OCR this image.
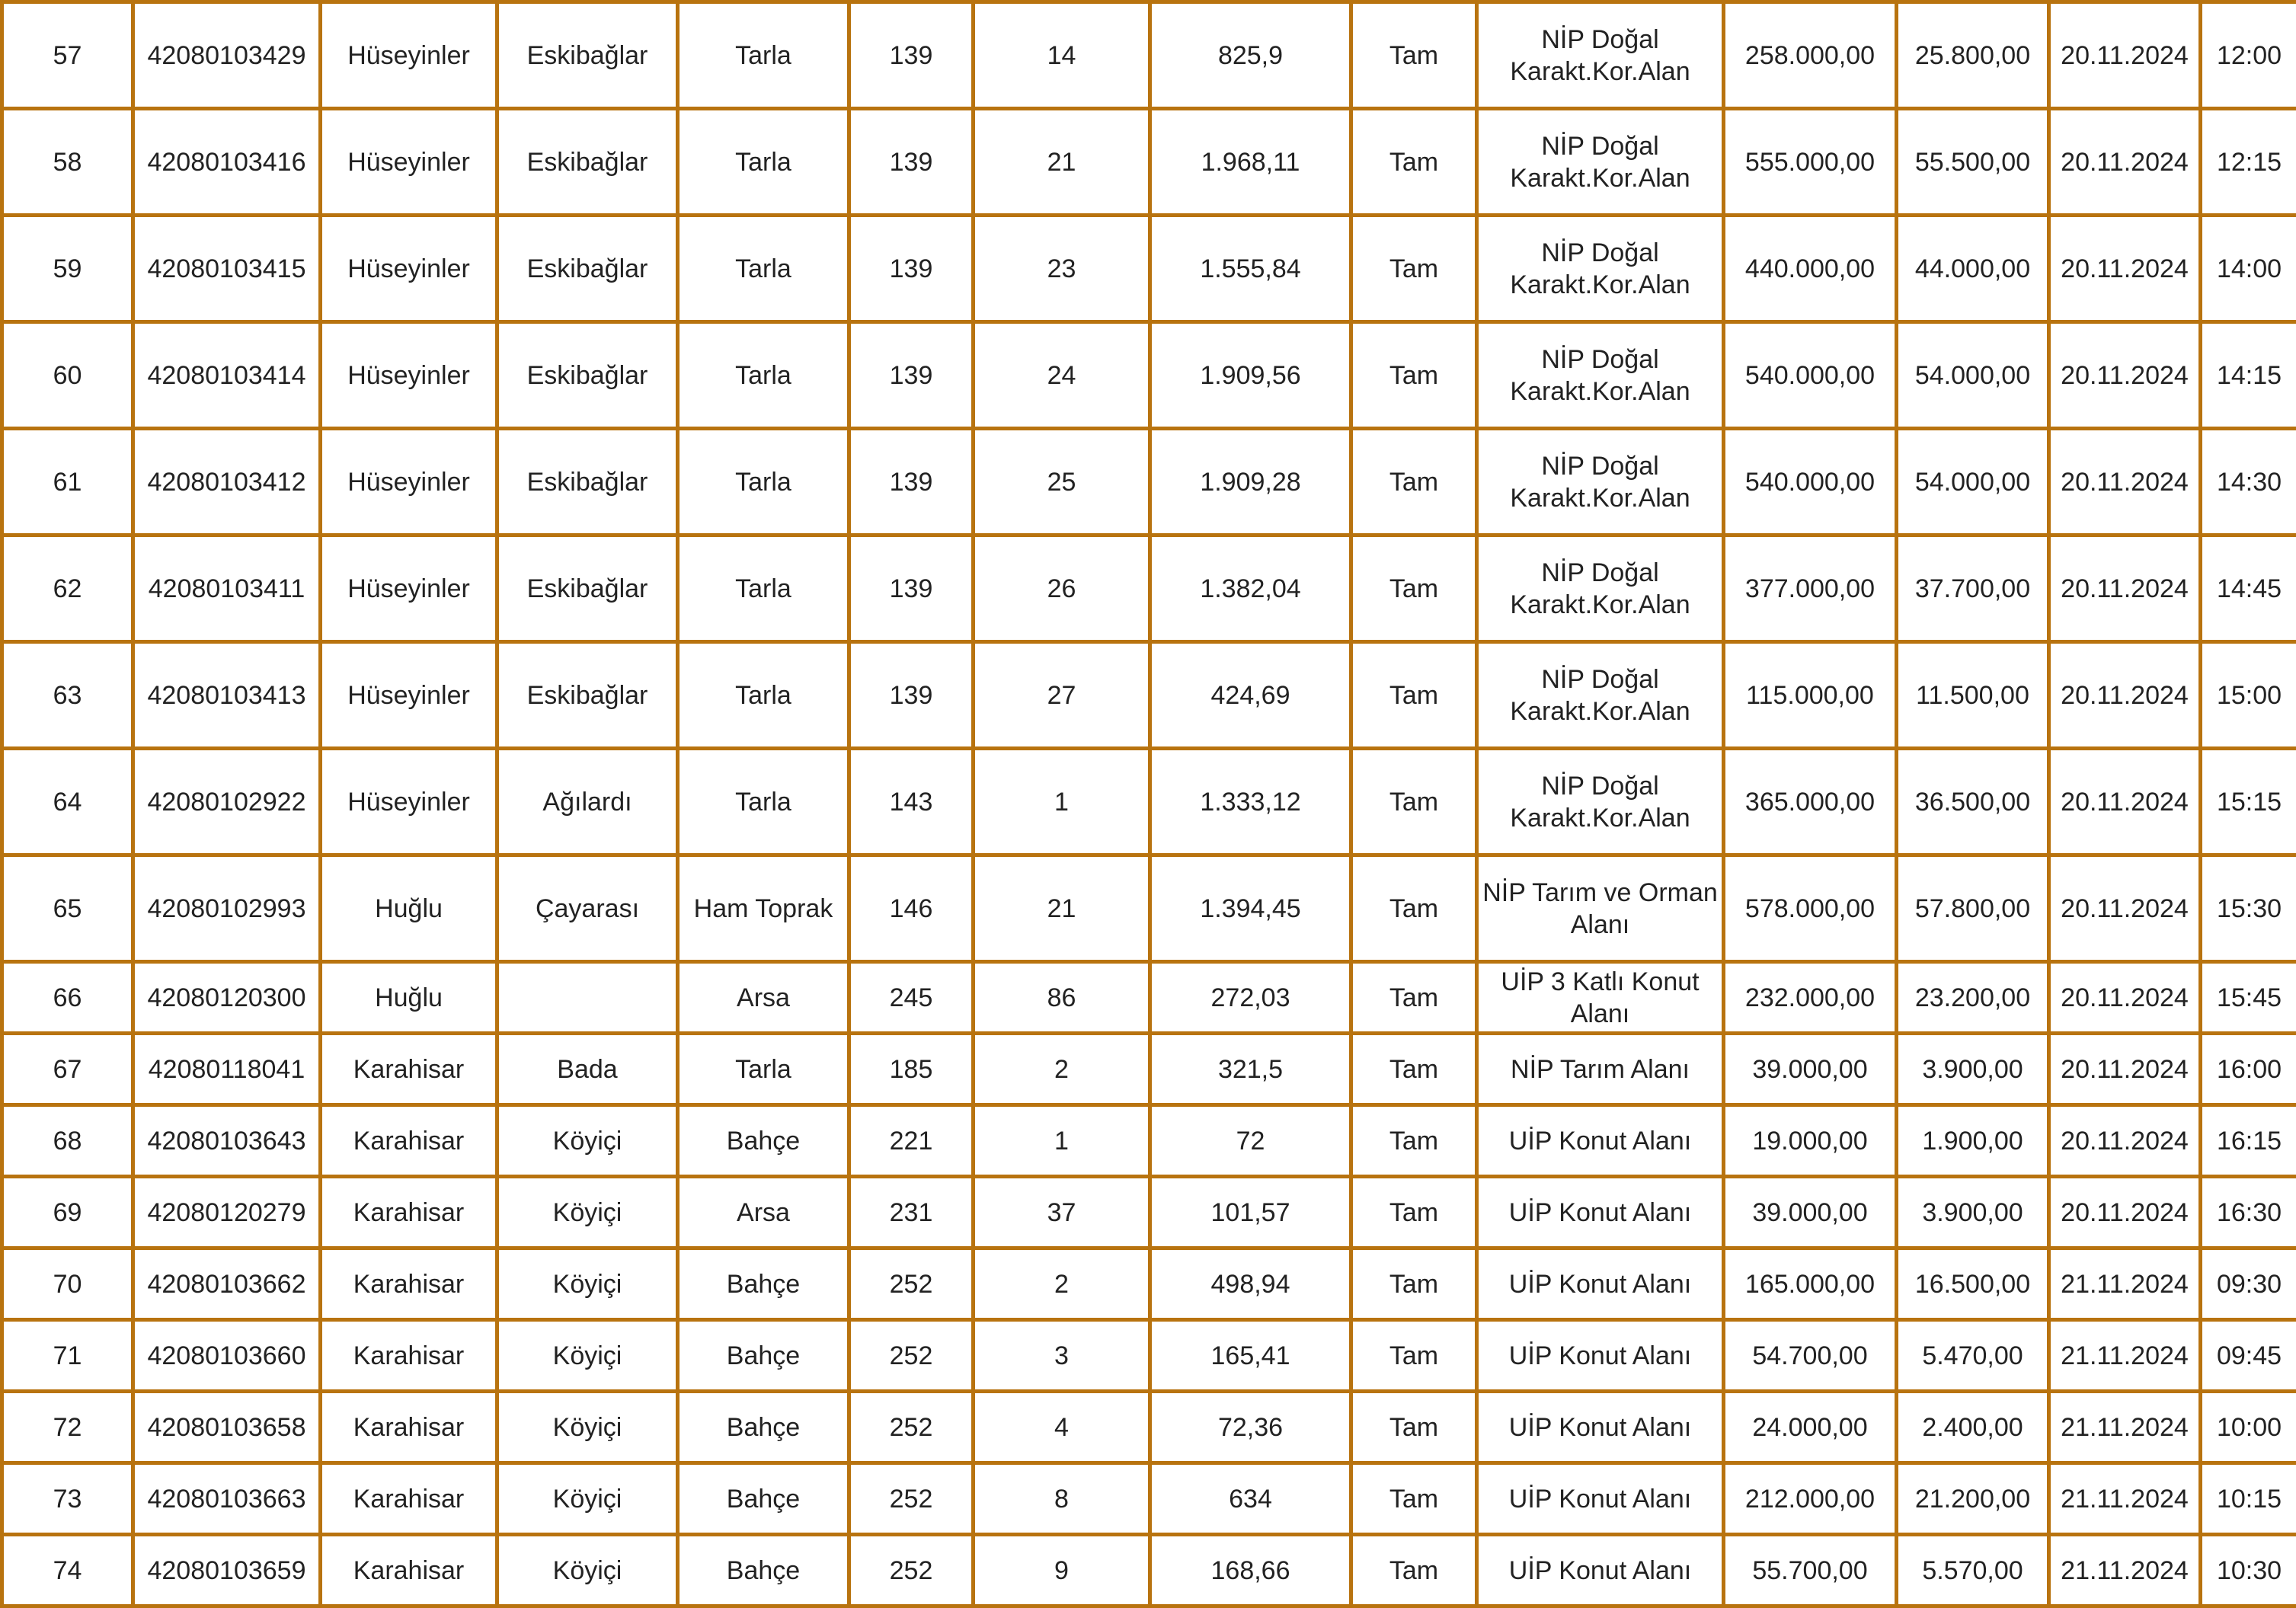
57	42080103429	Hüseyinler	Eskibağlar	Tarla	139	14	825,9	Tam	NİP Doğal Karakt.Kor.Alan	258.000,00	25.800,00	20.11.2024	12:00
58	42080103416	Hüseyinler	Eskibağlar	Tarla	139	21	1.968,11	Tam	NİP Doğal Karakt.Kor.Alan	555.000,00	55.500,00	20.11.2024	12:15
59	42080103415	Hüseyinler	Eskibağlar	Tarla	139	23	1.555,84	Tam	NİP Doğal Karakt.Kor.Alan	440.000,00	44.000,00	20.11.2024	14:00
60	42080103414	Hüseyinler	Eskibağlar	Tarla	139	24	1.909,56	Tam	NİP Doğal Karakt.Kor.Alan	540.000,00	54.000,00	20.11.2024	14:15
61	42080103412	Hüseyinler	Eskibağlar	Tarla	139	25	1.909,28	Tam	NİP Doğal Karakt.Kor.Alan	540.000,00	54.000,00	20.11.2024	14:30
62	42080103411	Hüseyinler	Eskibağlar	Tarla	139	26	1.382,04	Tam	NİP Doğal Karakt.Kor.Alan	377.000,00	37.700,00	20.11.2024	14:45
63	42080103413	Hüseyinler	Eskibağlar	Tarla	139	27	424,69	Tam	NİP Doğal Karakt.Kor.Alan	115.000,00	11.500,00	20.11.2024	15:00
64	42080102922	Hüseyinler	Ağılardı	Tarla	143	1	1.333,12	Tam	NİP Doğal Karakt.Kor.Alan	365.000,00	36.500,00	20.11.2024	15:15
65	42080102993	Huğlu	Çayarası	Ham Toprak	146	21	1.394,45	Tam	NİP Tarım ve Orman Alanı	578.000,00	57.800,00	20.11.2024	15:30
66	42080120300	Huğlu		Arsa	245	86	272,03	Tam	UİP 3 Katlı Konut Alanı	232.000,00	23.200,00	20.11.2024	15:45
67	42080118041	Karahisar	Bada	Tarla	185	2	321,5	Tam	NİP Tarım Alanı	39.000,00	3.900,00	20.11.2024	16:00
68	42080103643	Karahisar	Köyiçi	Bahçe	221	1	72	Tam	UİP Konut Alanı	19.000,00	1.900,00	20.11.2024	16:15
69	42080120279	Karahisar	Köyiçi	Arsa	231	37	101,57	Tam	UİP Konut Alanı	39.000,00	3.900,00	20.11.2024	16:30
70	42080103662	Karahisar	Köyiçi	Bahçe	252	2	498,94	Tam	UİP Konut Alanı	165.000,00	16.500,00	21.11.2024	09:30
71	42080103660	Karahisar	Köyiçi	Bahçe	252	3	165,41	Tam	UİP Konut Alanı	54.700,00	5.470,00	21.11.2024	09:45
72	42080103658	Karahisar	Köyiçi	Bahçe	252	4	72,36	Tam	UİP Konut Alanı	24.000,00	2.400,00	21.11.2024	10:00
73	42080103663	Karahisar	Köyiçi	Bahçe	252	8	634	Tam	UİP Konut Alanı	212.000,00	21.200,00	21.11.2024	10:15
74	42080103659	Karahisar	Köyiçi	Bahçe	252	9	168,66	Tam	UİP Konut Alanı	55.700,00	5.570,00	21.11.2024	10:30
